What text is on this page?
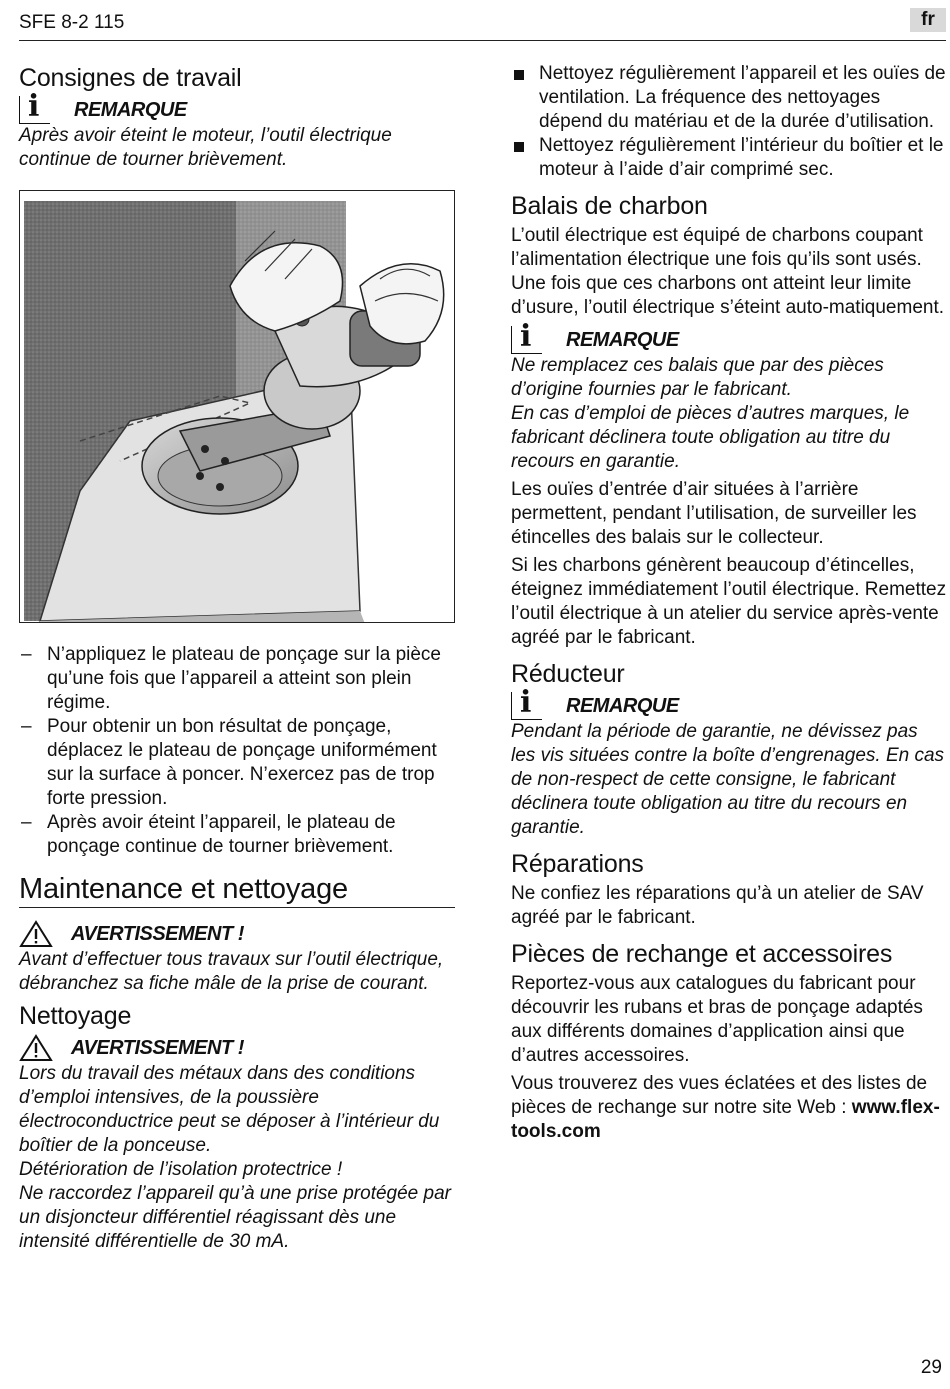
SFE 8-2 115	fr
Consignes de travail
i
REMARQUE

Après avoir éteint le moteur, l’outil électrique continue de tourner brièvement.

– N’appliquez le plateau de ponçage sur la pièce qu’une fois que l’appareil a atteint son plein régime.
– Pour obtenir un bon résultat de ponçage, déplacez le plateau de ponçage uniformément sur la surface à poncer. N’exercez pas de trop forte pression.
– Après avoir éteint l’appareil, le plateau de ponçage continue de tourner brièvement.
Maintenance et nettoyage
AVERTISSEMENT !

Avant d’effectuer tous travaux sur l’outil électrique, débranchez sa fiche mâle de la prise de courant.

Nettoyage
AVERTISSEMENT !

Lors du travail des métaux dans des conditions d’emploi intensives, de la poussière électroconductrice peut se déposer à l’intérieur du boîtier de la ponceuse.

Détérioration de l’isolation protectrice !

Ne raccordez l’appareil qu’à une prise protégée par un disjoncteur différentiel réagissant dès une intensité différentielle de 30 mA.

Nettoyez régulièrement l’appareil et les ouïes de ventilation. La fréquence des nettoyages dépend du matériau et de la durée d’utilisation.
Nettoyez régulièrement l’intérieur du boîtier et le moteur à l’aide d’air comprimé sec.
Balais de charbon

L’outil électrique est équipé de charbons coupant l’alimentation électrique une fois qu’ils sont usés. Une fois que ces charbons ont atteint leur limite d’usure, l’outil électrique s’éteint auto-matiquement.

i
REMARQUE

Ne remplacez ces balais que par des pièces d’origine fournies par le fabricant.

En cas d’emploi de pièces d’autres marques, le fabricant déclinera toute obligation au titre du recours en garantie.

Les ouïes d’entrée d’air situées à l’arrière permettent, pendant l’utilisation, de surveiller les étincelles des balais sur le collecteur.

Si les charbons génèrent beaucoup d’étincelles, éteignez immédiatement l’outil électrique. Remettez l’outil électrique à un atelier du service après-vente agréé par le fabricant.

Réducteur
i
REMARQUE

Pendant la période de garantie, ne dévissez pas les vis situées contre la boîte d’engrenages. En cas de non-respect de cette consigne, le fabricant déclinera toute obligation au titre du recours en garantie.

Réparations

Ne confiez les réparations qu’à un atelier de SAV agréé par le fabricant.

Pièces de rechange et accessoires

Reportez-vous aux catalogues du fabricant pour découvrir les rubans et bras de ponçage adaptés aux différents domaines d’application ainsi que d’autres accessoires.

Vous trouverez des vues éclatées et des listes de pièces de rechange sur notre site Web : www.flex-tools.com

29
